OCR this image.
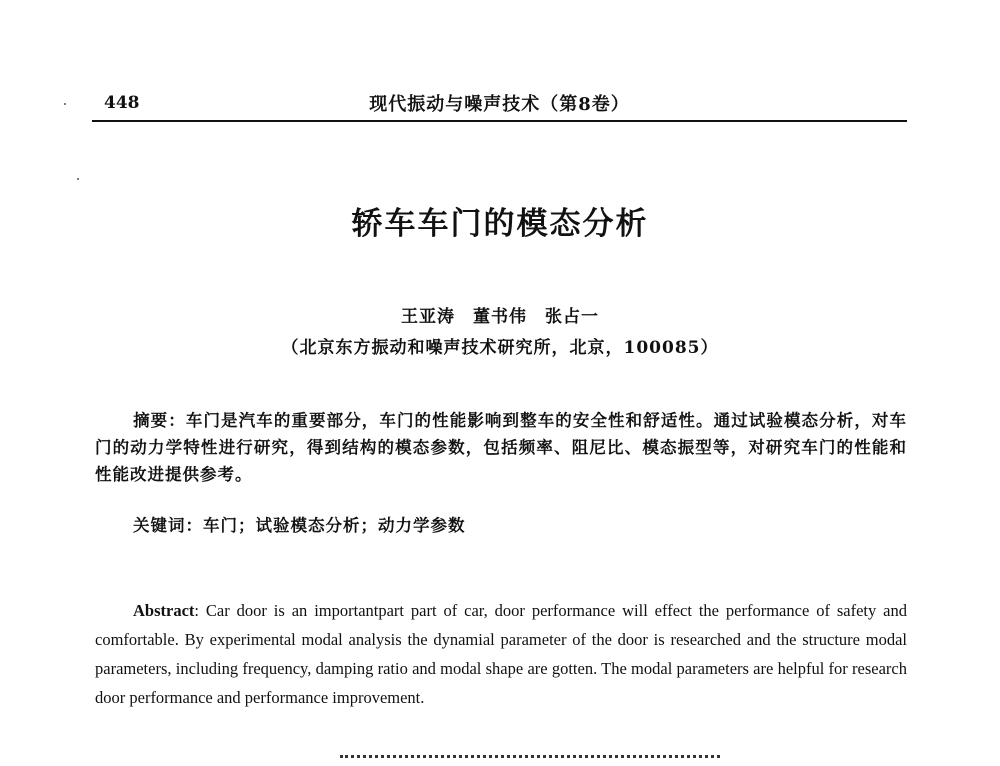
448	现代振动与噪声技术（第8卷）
轿车车门的模态分析
王亚涛　董书伟　张占一
（北京东方振动和噪声技术研究所，北京，100085）
摘要：车门是汽车的重要部分，车门的性能影响到整车的安全性和舒适性。通过试验模态分析，对车门的动力学特性进行研究，得到结构的模态参数，包括频率、阻尼比、模态振型等，对研究车门的性能和性能改进提供参考。
关键词：车门；试验模态分析；动力学参数
Abstract: Car door is an importantpart part of car, door performance will effect the performance of safety and comfortable. By experimental modal analysis the dynamial parameter of the door is researched and the structure modal parameters, including frequency, damping ratio and modal shape are gotten. The modal parameters are helpful for research door performance and performance improvement.
